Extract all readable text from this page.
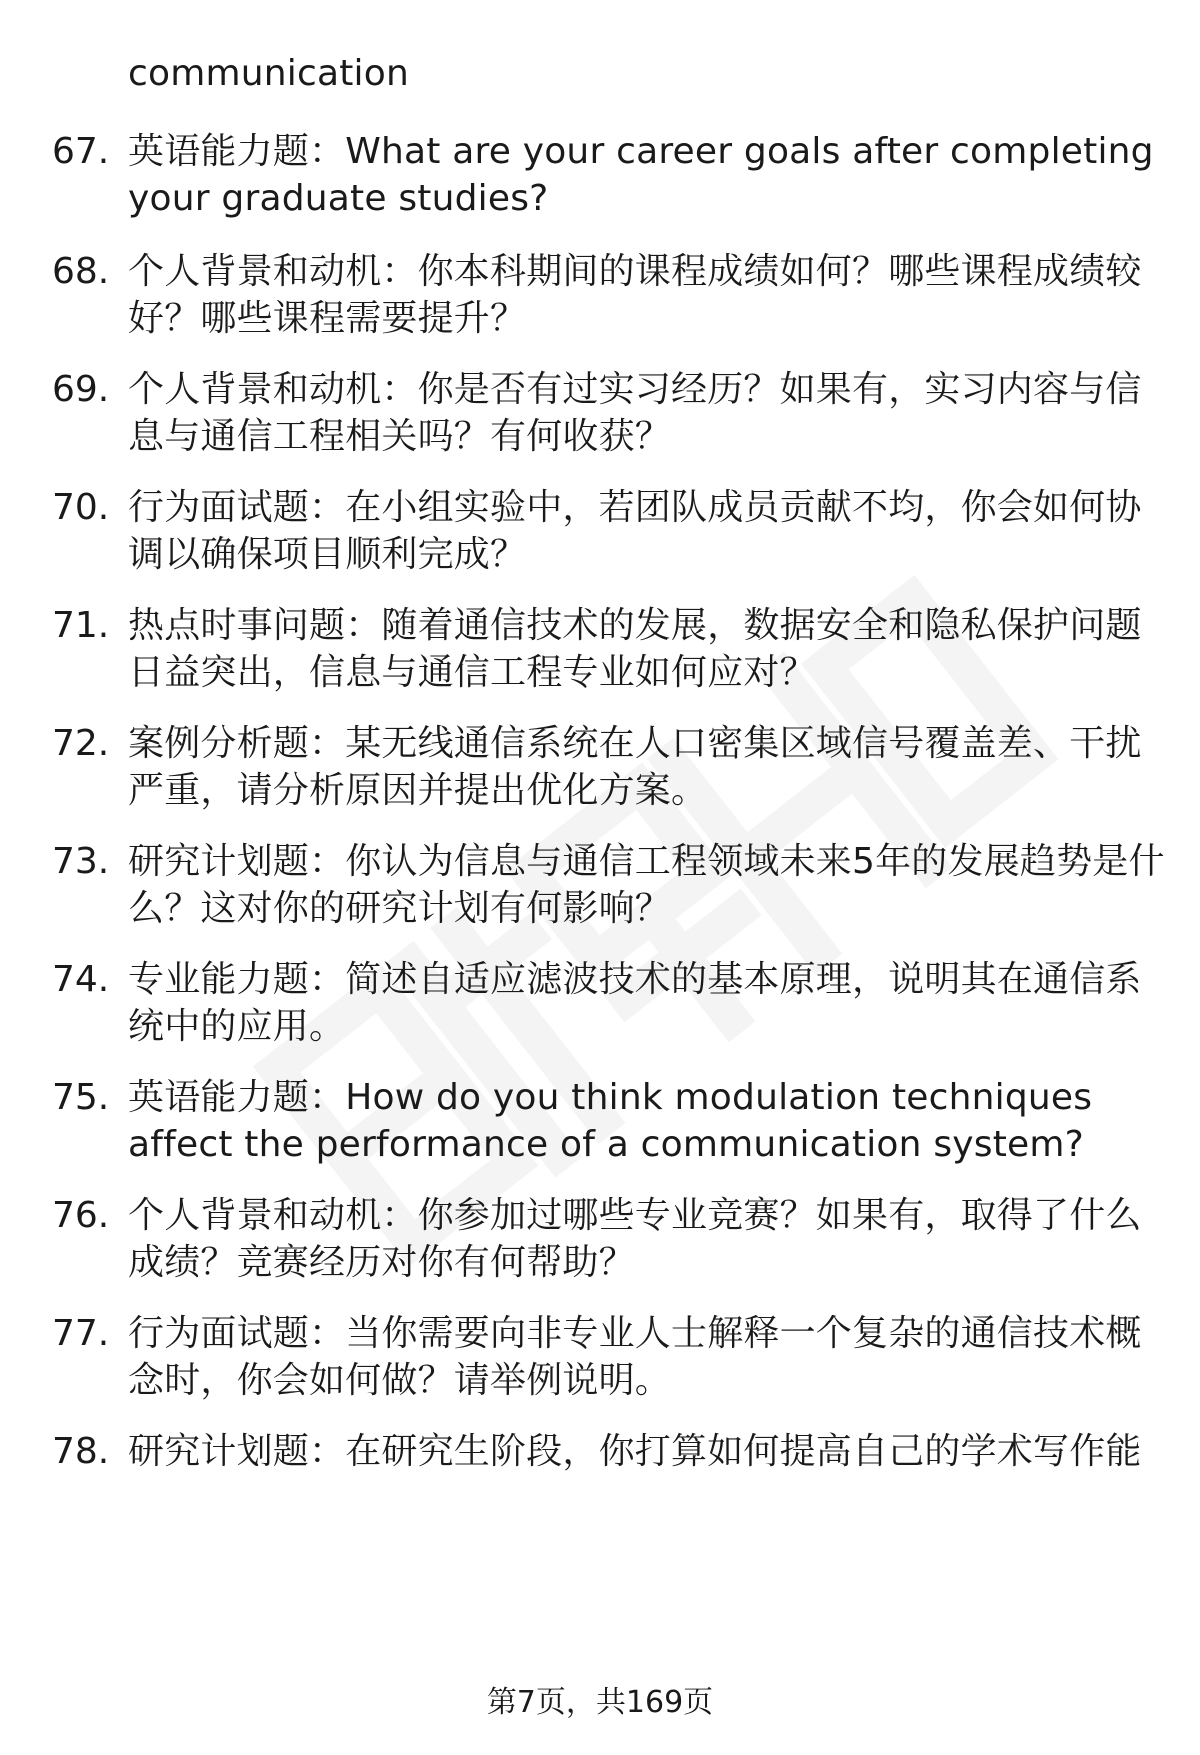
communication
67. 英语能力题：What are your career goals after completing
your graduate studies?
68. 个人背景和动机：你本科期间的课程成绩如何？哪些课程成绩较
好？哪些课程需要提升？
69. 个人背景和动机：你是否有过实习经历？如果有，实习内容与信
息与通信工程相关吗？有何收获？
70. 行为面试题：在小组实验中，若团队成员贡献不均，你会如何协
调以确保项目顺利完成？
71. 热点时事问题：随着通信技术的发展，数据安全和隐私保护问题
日益突出，信息与通信工程专业如何应对？
72. 案例分析题：某无线通信系统在人口密集区域信号覆盖差、干扰
严重，请分析原因并提出优化方案。
73. 研究计划题：你认为信息与通信工程领域未来5年的发展趋势是什
么？这对你的研究计划有何影响？
74. 专业能力题：简述自适应滤波技术的基本原理，说明其在通信系
统中的应用。
75. 英语能力题：How do you think modulation techniques
affect the performance of a communication system?
76. 个人背景和动机：你参加过哪些专业竞赛？如果有，取得了什么
成绩？竞赛经历对你有何帮助？
77. 行为面试题：当你需要向非专业人士解释一个复杂的通信技术概
念时，你会如何做？请举例说明。
78. 研究计划题：在研究生阶段，你打算如何提高自己的学术写作能
第7页，共169页
